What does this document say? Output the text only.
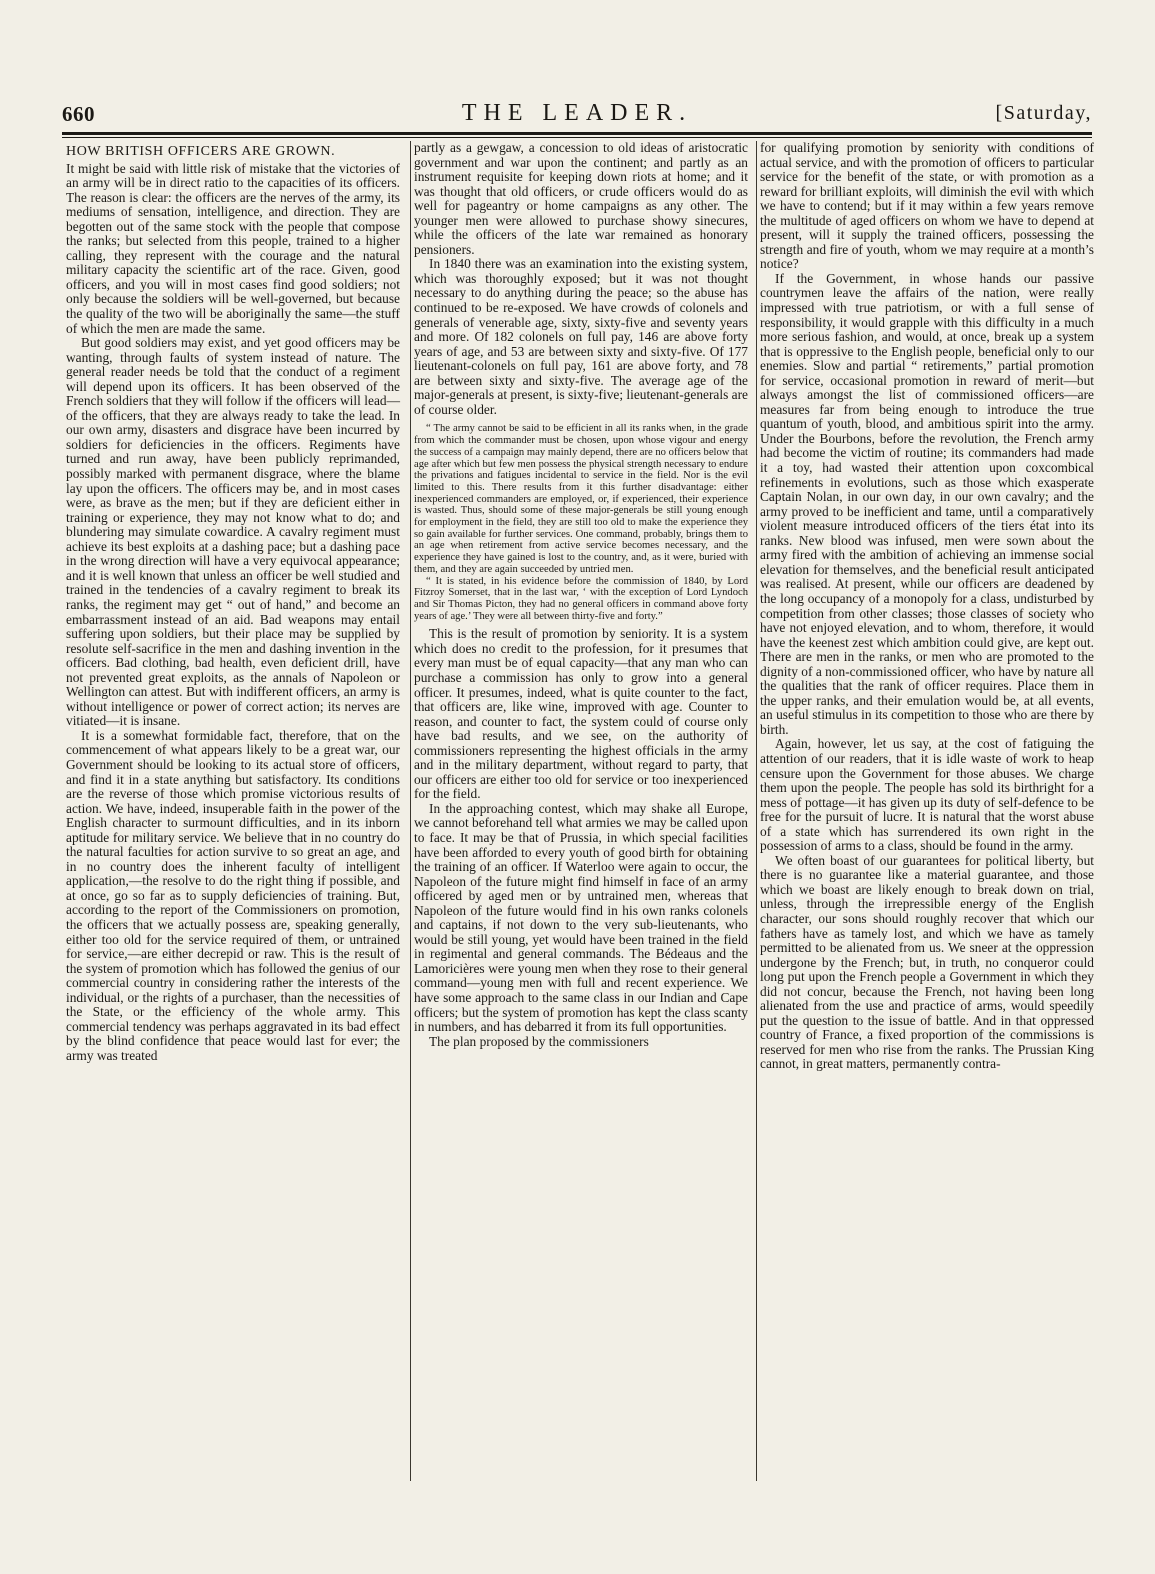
660	THE LEADER.	[Saturday,
HOW BRITISH OFFICERS ARE GROWN.

It might be said with little risk of mistake that the victories of an army will be in direct ratio to the capacities of its officers. The reason is clear: the officers are the nerves of the army, its mediums of sensation, intelligence, and direction. They are begotten out of the same stock with the people that compose the ranks; but selected from this people, trained to a higher calling, they represent with the courage and the natural military capacity the scientific art of the race. Given, good officers, and you will in most cases find good soldiers; not only because the soldiers will be well-governed, but because the quality of the two will be aboriginally the same—the stuff of which the men are made the same.

But good soldiers may exist, and yet good officers may be wanting, through faults of system instead of nature. The general reader needs be told that the conduct of a regiment will depend upon its officers. It has been observed of the French soldiers that they will follow if the officers will lead—of the officers, that they are always ready to take the lead. In our own army, disasters and disgrace have been incurred by soldiers for deficiencies in the officers. Regiments have turned and run away, have been publicly reprimanded, possibly marked with permanent disgrace, where the blame lay upon the officers. The officers may be, and in most cases were, as brave as the men; but if they are deficient either in training or experience, they may not know what to do; and blundering may simulate cowardice. A cavalry regiment must achieve its best exploits at a dashing pace; but a dashing pace in the wrong direction will have a very equivocal appearance; and it is well known that unless an officer be well studied and trained in the tendencies of a cavalry regiment to break its ranks, the regiment may get “ out of hand,” and become an embarrassment instead of an aid. Bad weapons may entail suffering upon soldiers, but their place may be supplied by resolute self-sacrifice in the men and dashing invention in the officers. Bad clothing, bad health, even deficient drill, have not prevented great exploits, as the annals of Napoleon or Wellington can attest. But with indifferent officers, an army is without intelligence or power of correct action; its nerves are vitiated—it is insane.

It is a somewhat formidable fact, therefore, that on the commencement of what appears likely to be a great war, our Government should be looking to its actual store of officers, and find it in a state anything but satisfactory. Its conditions are the reverse of those which promise victorious results of action. We have, indeed, insuperable faith in the power of the English character to surmount difficulties, and in its inborn aptitude for military service. We believe that in no country do the natural faculties for action survive to so great an age, and in no country does the inherent faculty of intelligent application,—the resolve to do the right thing if possible, and at once, go so far as to supply deficiencies of training. But, according to the report of the Commissioners on promotion, the officers that we actually possess are, speaking generally, either too old for the service required of them, or untrained for service,—are either decrepid or raw. This is the result of the system of promotion which has followed the genius of our commercial country in considering rather the interests of the individual, or the rights of a purchaser, than the necessities of the State, or the efficiency of the whole army. This commercial tendency was perhaps aggravated in its bad effect by the blind confidence that peace would last for ever; the army was treated

partly as a gewgaw, a concession to old ideas of aristocratic government and war upon the continent; and partly as an instrument requisite for keeping down riots at home; and it was thought that old officers, or crude officers would do as well for pageantry or home campaigns as any other. The younger men were allowed to purchase showy sinecures, while the officers of the late war remained as honorary pensioners.

In 1840 there was an examination into the existing system, which was thoroughly exposed; but it was not thought necessary to do anything during the peace; so the abuse has continued to be re-exposed. We have crowds of colonels and generals of venerable age, sixty, sixty-five and seventy years and more. Of 182 colonels on full pay, 146 are above forty years of age, and 53 are between sixty and sixty-five. Of 177 lieutenant-colonels on full pay, 161 are above forty, and 78 are between sixty and sixty-five. The average age of the major-generals at present, is sixty-five; lieutenant-generals are of course older.

“ The army cannot be said to be efficient in all its ranks when, in the grade from which the commander must be chosen, upon whose vigour and energy the success of a campaign may mainly depend, there are no officers below that age after which but few men possess the physical strength necessary to endure the privations and fatigues incidental to service in the field. Nor is the evil limited to this. There results from it this further disadvantage: either inexperienced commanders are employed, or, if experienced, their experience is wasted. Thus, should some of these major-generals be still young enough for employment in the field, they are still too old to make the experience they so gain available for further services. One command, probably, brings them to an age when retirement from active service becomes necessary, and the experience they have gained is lost to the country, and, as it were, buried with them, and they are again succeeded by untried men.

“ It is stated, in his evidence before the commission of 1840, by Lord Fitzroy Somerset, that in the last war, ‘ with the exception of Lord Lyndoch and Sir Thomas Picton, they had no general officers in command above forty years of age.’ They were all between thirty-five and forty.”

This is the result of promotion by seniority. It is a system which does no credit to the profession, for it presumes that every man must be of equal capacity—that any man who can purchase a commission has only to grow into a general officer. It presumes, indeed, what is quite counter to the fact, that officers are, like wine, improved with age. Counter to reason, and counter to fact, the system could of course only have bad results, and we see, on the authority of commissioners representing the highest officials in the army and in the military department, without regard to party, that our officers are either too old for service or too inexperienced for the field.

In the approaching contest, which may shake all Europe, we cannot beforehand tell what armies we may be called upon to face. It may be that of Prussia, in which special facilities have been afforded to every youth of good birth for obtaining the training of an officer. If Waterloo were again to occur, the Napoleon of the future might find himself in face of an army officered by aged men or by untrained men, whereas that Napoleon of the future would find in his own ranks colonels and captains, if not down to the very sub-lieutenants, who would be still young, yet would have been trained in the field in regimental and general commands. The Bédeaus and the Lamoricières were young men when they rose to their general command—young men with full and recent experience. We have some approach to the same class in our Indian and Cape officers; but the system of promotion has kept the class scanty in numbers, and has debarred it from its full opportunities.

The plan proposed by the commissioners

for qualifying promotion by seniority with conditions of actual service, and with the promotion of officers to particular service for the benefit of the state, or with promotion as a reward for brilliant exploits, will diminish the evil with which we have to contend; but if it may within a few years remove the multitude of aged officers on whom we have to depend at present, will it supply the trained officers, possessing the strength and fire of youth, whom we may require at a month’s notice?

If the Government, in whose hands our passive countrymen leave the affairs of the nation, were really impressed with true patriotism, or with a full sense of responsibility, it would grapple with this difficulty in a much more serious fashion, and would, at once, break up a system that is oppressive to the English people, beneficial only to our enemies. Slow and partial “ retirements,” partial promotion for service, occasional promotion in reward of merit—but always amongst the list of commissioned officers—are measures far from being enough to introduce the true quantum of youth, blood, and ambitious spirit into the army. Under the Bourbons, before the revolution, the French army had become the victim of routine; its commanders had made it a toy, had wasted their attention upon coxcombical refinements in evolutions, such as those which exasperate Captain Nolan, in our own day, in our own cavalry; and the army proved to be inefficient and tame, until a comparatively violent measure introduced officers of the tiers état into its ranks. New blood was infused, men were sown about the army fired with the ambition of achieving an immense social elevation for themselves, and the beneficial result anticipated was realised. At present, while our officers are deadened by the long occupancy of a monopoly for a class, undisturbed by competition from other classes; those classes of society who have not enjoyed elevation, and to whom, therefore, it would have the keenest zest which ambition could give, are kept out. There are men in the ranks, or men who are promoted to the dignity of a non-commissioned officer, who have by nature all the qualities that the rank of officer requires. Place them in the upper ranks, and their emulation would be, at all events, an useful stimulus in its competition to those who are there by birth.

Again, however, let us say, at the cost of fatiguing the attention of our readers, that it is idle waste of work to heap censure upon the Government for those abuses. We charge them upon the people. The people has sold its birthright for a mess of pottage—it has given up its duty of self-defence to be free for the pursuit of lucre. It is natural that the worst abuse of a state which has surrendered its own right in the possession of arms to a class, should be found in the army.

We often boast of our guarantees for political liberty, but there is no guarantee like a material guarantee, and those which we boast are likely enough to break down on trial, unless, through the irrepressible energy of the English character, our sons should roughly recover that which our fathers have as tamely lost, and which we have as tamely permitted to be alienated from us. We sneer at the oppression undergone by the French; but, in truth, no conqueror could long put upon the French people a Government in which they did not concur, because the French, not having been long alienated from the use and practice of arms, would speedily put the question to the issue of battle. And in that oppressed country of France, a fixed proportion of the commissions is reserved for men who rise from the ranks. The Prussian King cannot, in great matters, permanently contra-
